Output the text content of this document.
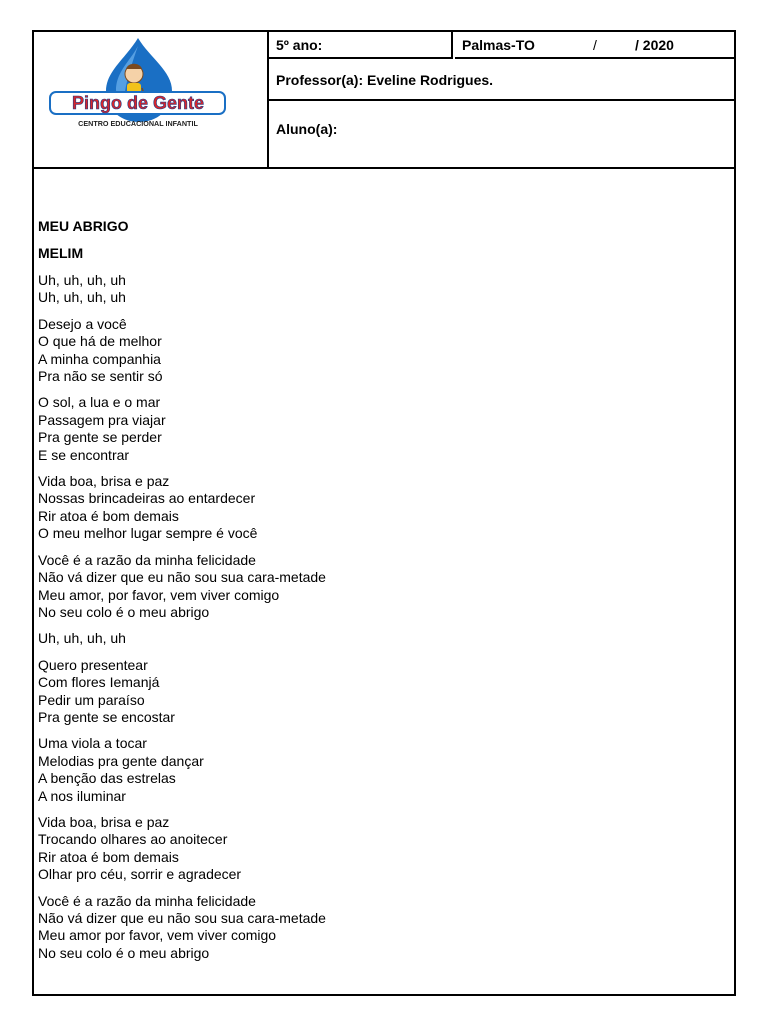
Pingo de Gente
CENTRO EDUCACIONAL INFANTIL
5º ano:	Palmas-TO	/	/ 2020
Professor(a): Eveline Rodrigues.
Aluno(a):
MEU ABRIGO
MELIM
Uh, uh, uh, uh
Uh, uh, uh, uh
Desejo a você
O que há de melhor
A minha companhia
Pra não se sentir só
O sol, a lua e o mar
Passagem pra viajar
Pra gente se perder
E se encontrar
Vida boa, brisa e paz
Nossas brincadeiras ao entardecer
Rir atoa é bom demais
O meu melhor lugar sempre é você
Você é a razão da minha felicidade
Não vá dizer que eu não sou sua cara-metade
Meu amor, por favor, vem viver comigo
No seu colo é o meu abrigo
Uh, uh, uh, uh
Quero presentear
Com flores Iemanjá
Pedir um paraíso
Pra gente se encostar
Uma viola a tocar
Melodias pra gente dançar
A benção das estrelas
A nos iluminar
Vida boa, brisa e paz
Trocando olhares ao anoitecer
Rir atoa é bom demais
Olhar pro céu, sorrir e agradecer
Você é a razão da minha felicidade
Não vá dizer que eu não sou sua cara-metade
Meu amor por favor, vem viver comigo
No seu colo é o meu abrigo
